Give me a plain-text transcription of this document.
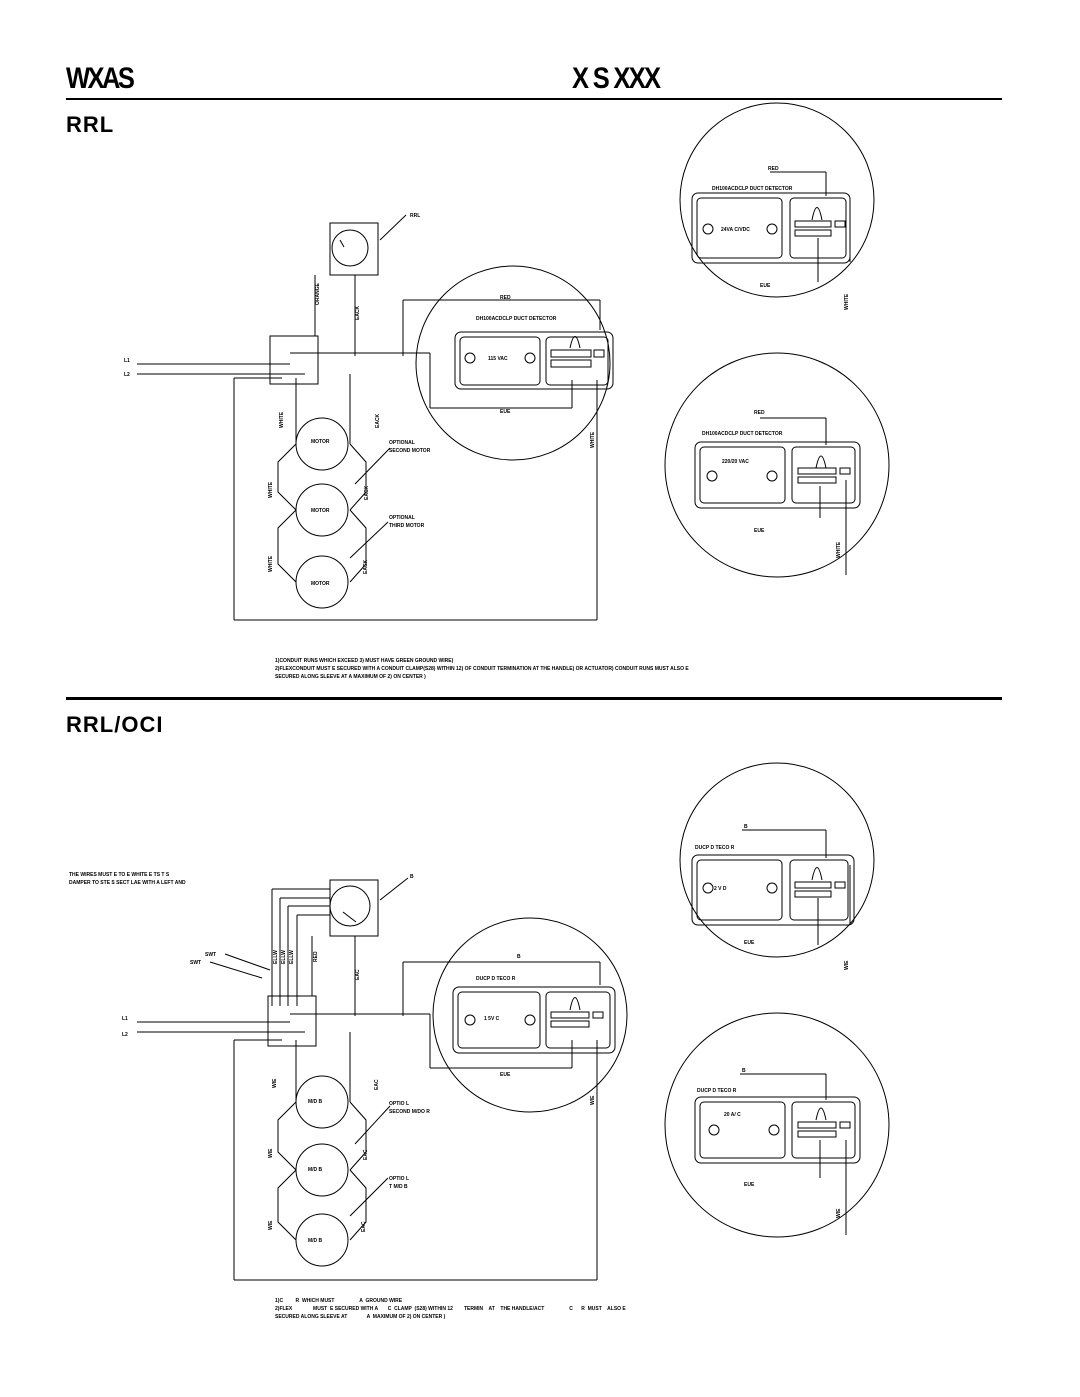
WXAS	X S XXX
RRL
RRL/OCI
RRL
ORANGE
EACK
L1
L2
RED
DH100ACDCLP DUCT DETECTOR
115 VAC
EUE
WHITE
MOTOR
MOTOR
MOTOR
WHITE	EACK
WHITE	EACK
WHITE	EACK
OPTIONAL
SECOND MOTOR
OPTIONAL
THIRD MOTOR
RED
DH100ACDCLP DUCT DETECTOR
24VA C/VDC
EUE
WHITE
RED
DH100ACDCLP DUCT DETECTOR
220/20 VAC
EUE
WHITE
THE WIRES MUST E TO E WHITE E TS T S
DAMPER TO STE S SECT LAE WITH A LEFT AND
B
ELLW ELLW ELLW	RED
EAC
SWT
SWT
L1
L2
B
DUCP D TECO R
1 5V C
EUE
WIE
M/D B
M/D B
M/D B
WIE	EAC
WIE	EAC
WIE	EAC
OPTIO L
SECOND M/DO R
OPTIO L
T M/D B
B
DUCP D TECO R
2 V D
EUE
WIE
B
DUCP D TECO R
20 A/ C
EUE
WIE
1)CONDUIT RUNS WHICH EXCEED 3) MUST HAVE GREEN GROUND WIRE)
2)FLEXCONDUIT MUST E SECURED WITH A CONDUIT CLAMP(S28) WITHIN 12) OF CONDUIT TERMINATION AT THE HANDLE) OR ACTUATOR) CONDUIT RUNS MUST ALSO E
SECURED ALONG SLEEVE AT A MAXIMUM OF 2) ON CENTER )
1)C         R  WHICH MUST                  A  GROUND WIRE
2)FLEX               MUST  E SECURED WITH A       C  CLAMP  (S28) WITHIN 12        TERMIN    AT    THE HANDLE/ACT                  C      R  MUST    ALSO E
SECURED ALONG SLEEVE AT              A  MAXIMUM OF 2) ON CENTER )
